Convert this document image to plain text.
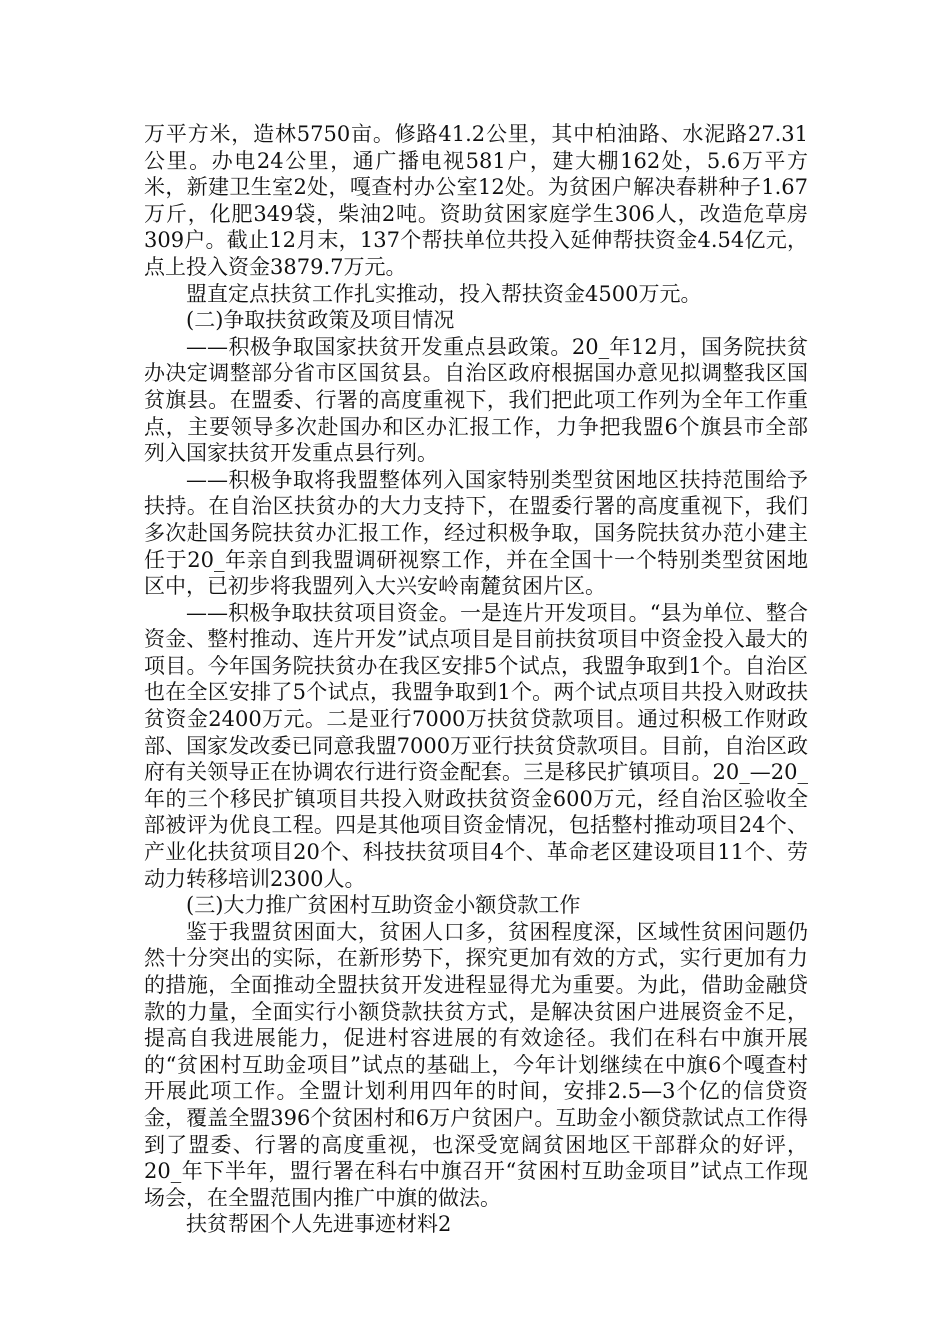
万平方米，造林5750亩。修路41.2公里，其中柏油路、水泥路27.31公里。办电24公里，通广播电视581户，建大棚162处，5.6万平方米，新建卫生室2处，嘎查村办公室12处。为贫困户解决春耕种子1.67万斤，化肥349袋，柴油2吨。资助贫困家庭学生306人，改造危草房309户。截止12月末，137个帮扶单位共投入延伸帮扶资金4.54亿元，点上投入资金3879.7万元。

盟直定点扶贫工作扎实推动，投入帮扶资金4500万元。

(二)争取扶贫政策及项目情况

——积极争取国家扶贫开发重点县政策。20_年12月，国务院扶贫办决定调整部分省市区国贫县。自治区政府根据国办意见拟调整我区国贫旗县。在盟委、行署的高度重视下，我们把此项工作列为全年工作重点，主要领导多次赴国办和区办汇报工作，力争把我盟6个旗县市全部列入国家扶贫开发重点县行列。

——积极争取将我盟整体列入国家特别类型贫困地区扶持范围给予扶持。在自治区扶贫办的大力支持下，在盟委行署的高度重视下，我们多次赴国务院扶贫办汇报工作，经过积极争取，国务院扶贫办范小建主任于20_年亲自到我盟调研视察工作，并在全国十一个特别类型贫困地区中，已初步将我盟列入大兴安岭南麓贫困片区。

——积极争取扶贫项目资金。一是连片开发项目。“县为单位、整合资金、整村推动、连片开发”试点项目是目前扶贫项目中资金投入最大的项目。今年国务院扶贫办在我区安排5个试点，我盟争取到1个。自治区也在全区安排了5个试点，我盟争取到1个。两个试点项目共投入财政扶贫资金2400万元。二是亚行7000万扶贫贷款项目。通过积极工作财政部、国家发改委已同意我盟7000万亚行扶贫贷款项目。目前，自治区政府有关领导正在协调农行进行资金配套。三是移民扩镇项目。20_—20_年的三个移民扩镇项目共投入财政扶贫资金600万元，经自治区验收全部被评为优良工程。四是其他项目资金情况，包括整村推动项目24个、产业化扶贫项目20个、科技扶贫项目4个、革命老区建设项目11个、劳动力转移培训2300人。

(三)大力推广贫困村互助资金小额贷款工作

鉴于我盟贫困面大，贫困人口多，贫困程度深，区域性贫困问题仍然十分突出的实际，在新形势下，探究更加有效的方式，实行更加有力的措施，全面推动全盟扶贫开发进程显得尤为重要。为此，借助金融贷款的力量，全面实行小额贷款扶贫方式，是解决贫困户进展资金不足，提高自我进展能力，促进村容进展的有效途径。我们在科右中旗开展的“贫困村互助金项目”试点的基础上，今年计划继续在中旗6个嘎查村开展此项工作。全盟计划利用四年的时间，安排2.5—3个亿的信贷资金，覆盖全盟396个贫困村和6万户贫困户。互助金小额贷款试点工作得到了盟委、行署的高度重视，也深受宽阔贫困地区干部群众的好评，20_年下半年，盟行署在科右中旗召开“贫困村互助金项目”试点工作现场会，在全盟范围内推广中旗的做法。

扶贫帮困个人先进事迹材料2
